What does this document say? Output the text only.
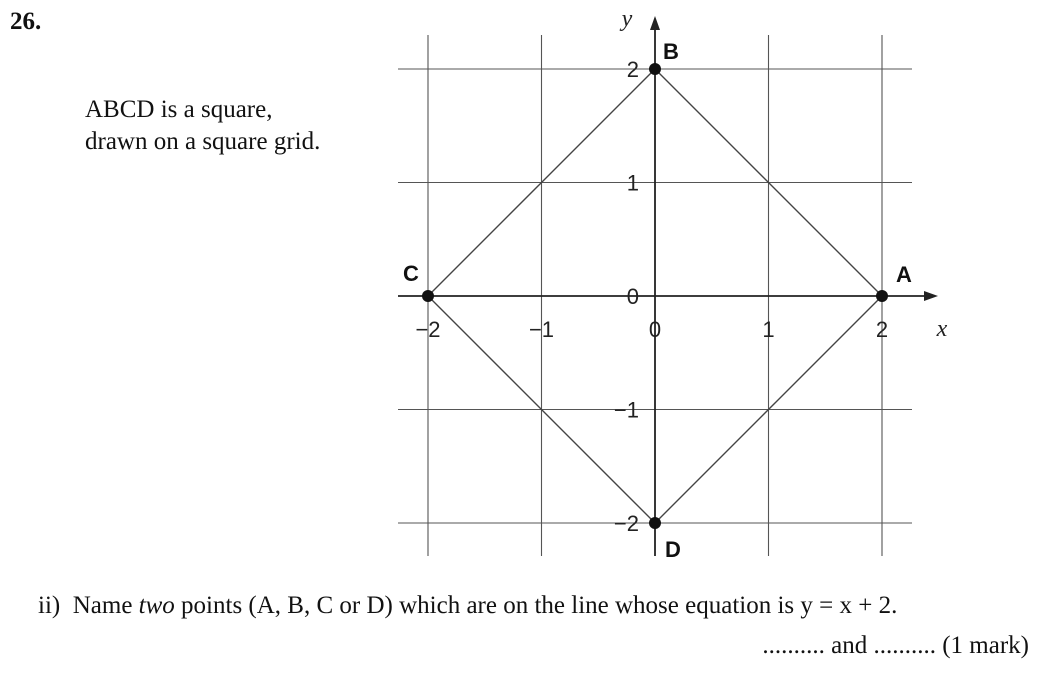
26.
ABCD is a square,
drawn on a square grid.
−2	−1	0	1	2
2
1
0
−1
−2
A
B
C
D
x
y
ii) Name two points (A, B, C or D) which are on the line whose equation is y = x + 2.
.......... and .......... (1 mark)
